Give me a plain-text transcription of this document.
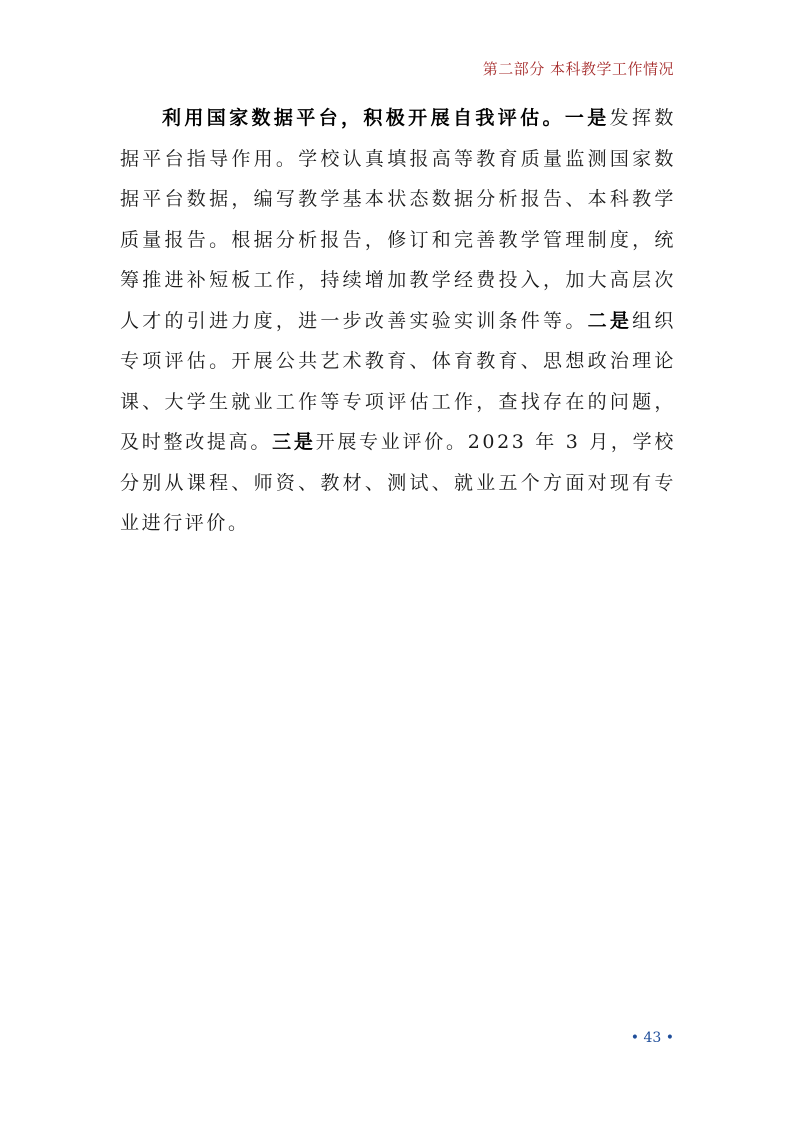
第二部分 本科教学工作情况

利用国家数据平台，积极开展自我评估。一是发挥数据平台指导作用。学校认真填报高等教育质量监测国家数据平台数据，编写教学基本状态数据分析报告、本科教学质量报告。根据分析报告，修订和完善教学管理制度，统筹推进补短板工作，持续增加教学经费投入，加大高层次人才的引进力度，进一步改善实验实训条件等。二是组织专项评估。开展公共艺术教育、体育教育、思想政治理论课、大学生就业工作等专项评估工作，查找存在的问题，及时整改提高。三是开展专业评价。2023 年 3 月，学校分别从课程、师资、教材、测试、就业五个方面对现有专业进行评价。

• 43 •
